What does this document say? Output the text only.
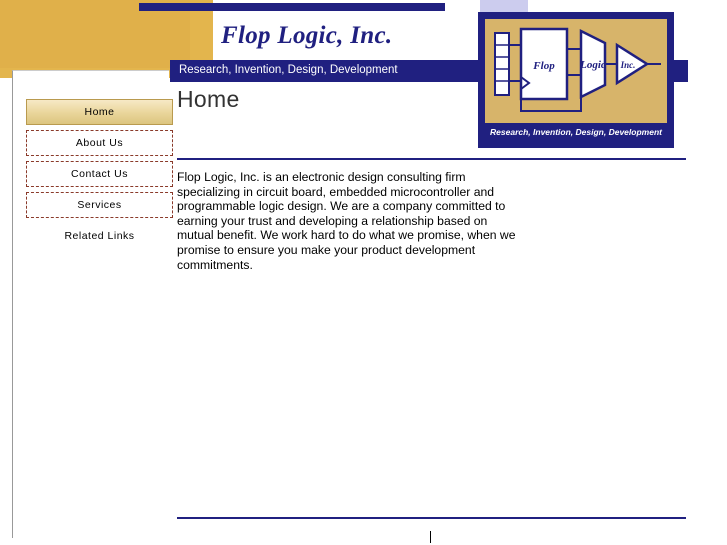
Flop Logic, Inc.
Research, Invention, Design, Development	Flop Logic Inc.
Research, Invention, Design, Development
Home
About Us
Contact Us
Services
Related Links
Home
Flop Logic, Inc. is an electronic design consulting firm specializing in circuit board, embedded microcontroller and programmable logic design. We are a company committed to earning your trust and developing a relationship based on mutual benefit. We work hard to do what we promise, when we promise to ensure you make your product development commitments.
